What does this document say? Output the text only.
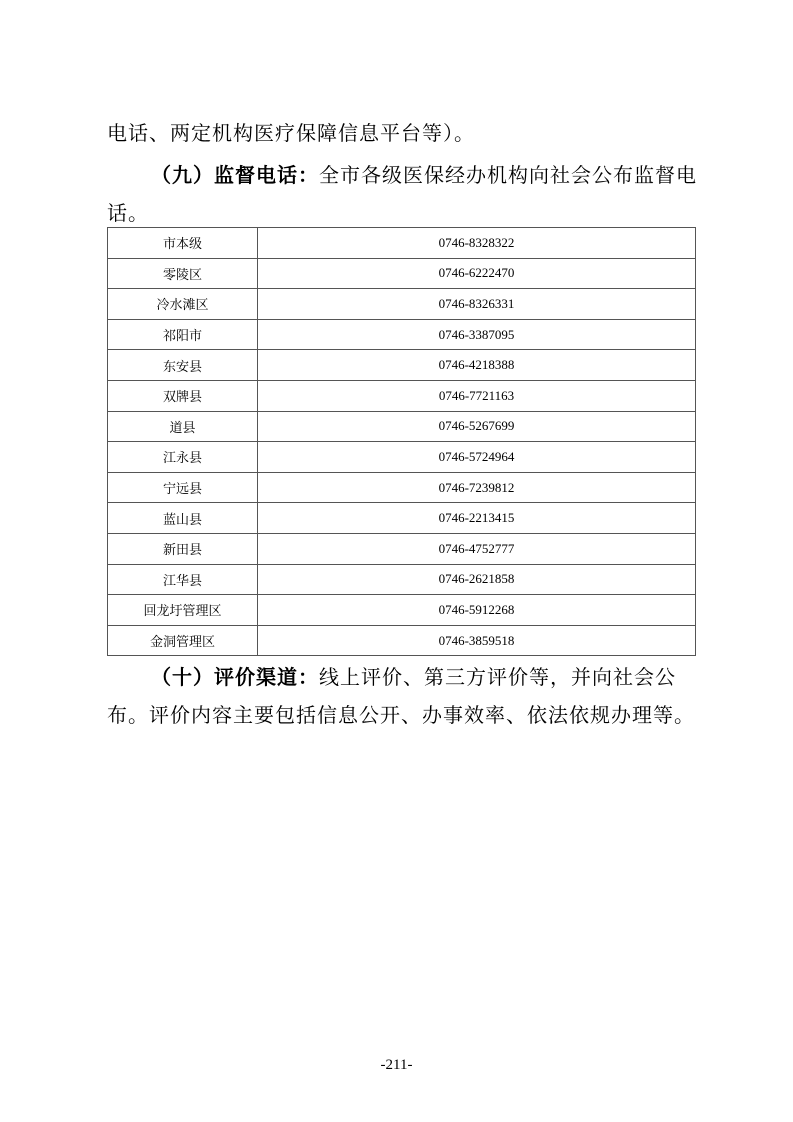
电话、两定机构医疗保障信息平台等）。

（九）监督电话：全市各级医保经办机构向社会公布监督电话。

市本级	0746-8328322
零陵区	0746-6222470
冷水滩区	0746-8326331
祁阳市	0746-3387095
东安县	0746-4218388
双牌县	0746-7721163
道县	0746-5267699
江永县	0746-5724964
宁远县	0746-7239812
蓝山县	0746-2213415
新田县	0746-4752777
江华县	0746-2621858
回龙圩管理区	0746-5912268
金洞管理区	0746-3859518

（十）评价渠道：线上评价、第三方评价等，并向社会公布。评价内容主要包括信息公开、办事效率、依法依规办理等。

-211-
